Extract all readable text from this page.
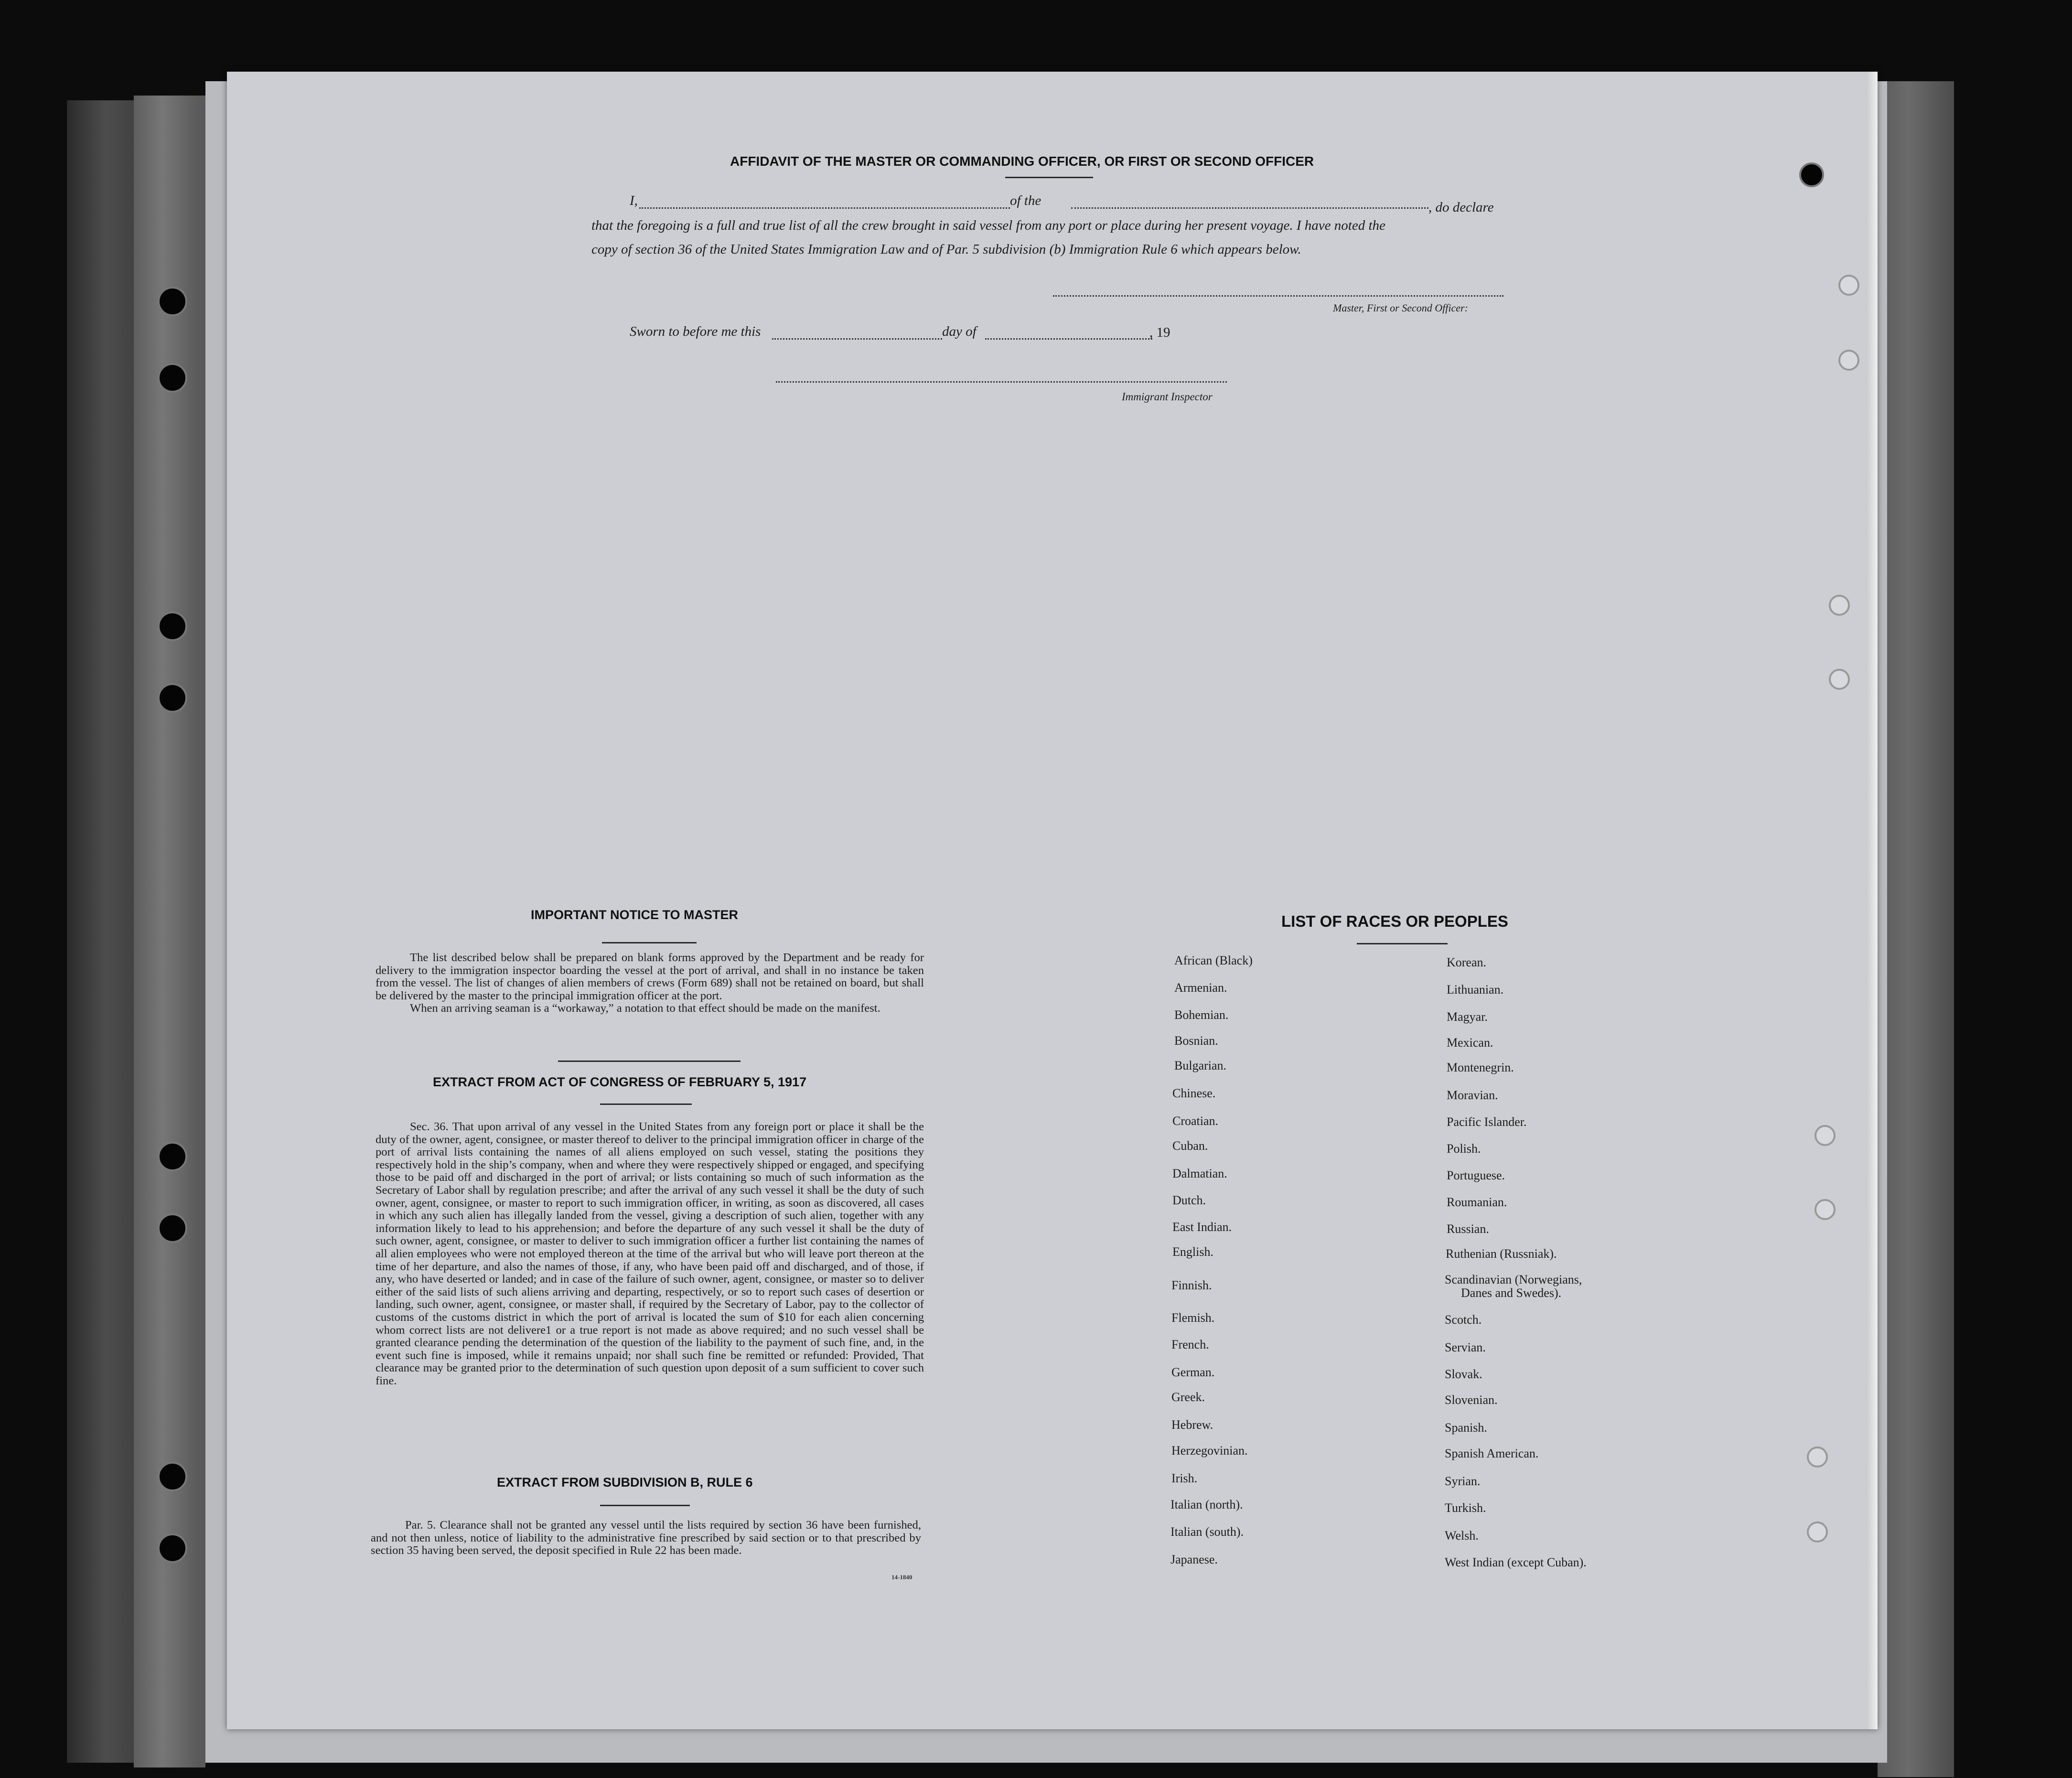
AFFIDAVIT OF THE MASTER OR COMMANDING OFFICER, OR FIRST OR SECOND OFFICER
I,	of the	, do declare
that the foregoing is a full and true list of all the crew brought in said vessel from any port or place during her present voyage. I have noted the
copy of section 36 of the United States Immigration Law and of Par. 5 subdivision (b) Immigration Rule 6 which appears below.
Master, First or Second Officer:
Sworn to before me this	day of	, 19
Immigrant Inspector
IMPORTANT NOTICE TO MASTER

The list described below shall be prepared on blank forms approved by the Department and be ready for delivery to the immigration inspector boarding the vessel at the port of arrival, and shall in no instance be taken from the vessel. The list of changes of alien members of crews (Form 689) shall not be retained on board, but shall be delivered by the master to the principal immigration officer at the port.

When an arriving seaman is a “workaway,” a notation to that effect should be made on the manifest.

EXTRACT FROM ACT OF CONGRESS OF FEBRUARY 5, 1917

Sec. 36. That upon arrival of any vessel in the United States from any foreign port or place it shall be the duty of the owner, agent, consignee, or master thereof to deliver to the principal immigration officer in charge of the port of arrival lists containing the names of all aliens employed on such vessel, stating the positions they respectively hold in the ship’s company, when and where they were respectively shipped or engaged, and specifying those to be paid off and discharged in the port of arrival; or lists containing so much of such information as the Secretary of Labor shall by regulation prescribe; and after the arrival of any such vessel it shall be the duty of such owner, agent, consignee, or master to report to such immigration officer, in writing, as soon as discovered, all cases in which any such alien has illegally landed from the vessel, giving a description of such alien, together with any information likely to lead to his apprehension; and before the departure of any such vessel it shall be the duty of such owner, agent, consignee, or master to deliver to such immigration officer a further list containing the names of all alien employees who were not employed thereon at the time of the arrival but who will leave port thereon at the time of her departure, and also the names of those, if any, who have been paid off and discharged, and of those, if any, who have deserted or landed; and in case of the failure of such owner, agent, consignee, or master so to deliver either of the said lists of such aliens arriving and departing, respectively, or so to report such cases of desertion or landing, such owner, agent, consignee, or master shall, if required by the Secretary of Labor, pay to the collector of customs of the customs district in which the port of arrival is located the sum of $10 for each alien concerning whom correct lists are not delivere1 or a true report is not made as above required; and no such vessel shall be granted clearance pending the determination of the question of the liability to the payment of such fine, and, in the event such fine is imposed, while it remains unpaid; nor shall such fine be remitted or refunded: Provided, That clearance may be granted prior to the determination of such question upon deposit of a sum sufficient to cover such fine.

EXTRACT FROM SUBDIVISION B, RULE 6

Par. 5. Clearance shall not be granted any vessel until the lists required by section 36 have been furnished, and not then unless, notice of liability to the administrative fine prescribed by said section or to that prescribed by section 35 having been served, the deposit specified in Rule 22 has been made.

14-1840
LIST OF RACES OR PEOPLES
African (Black)
Armenian.
Bohemian.
Bosnian.
Bulgarian.
Chinese.
Croatian.
Cuban.
Dalmatian.
Dutch.
East Indian.
English.
Finnish.
Flemish.
French.
German.
Greek.
Hebrew.
Herzegovinian.
Irish.
Italian (north).
Italian (south).
Japanese.
Korean.
Lithuanian.
Magyar.
Mexican.
Montenegrin.
Moravian.
Pacific Islander.
Polish.
Portuguese.
Roumanian.
Russian.
Ruthenian (Russniak).
Scandinavian (Norwegians,
Danes and Swedes).
Scotch.
Servian.
Slovak.
Slovenian.
Spanish.
Spanish American.
Syrian.
Turkish.
Welsh.
West Indian (except Cuban).
